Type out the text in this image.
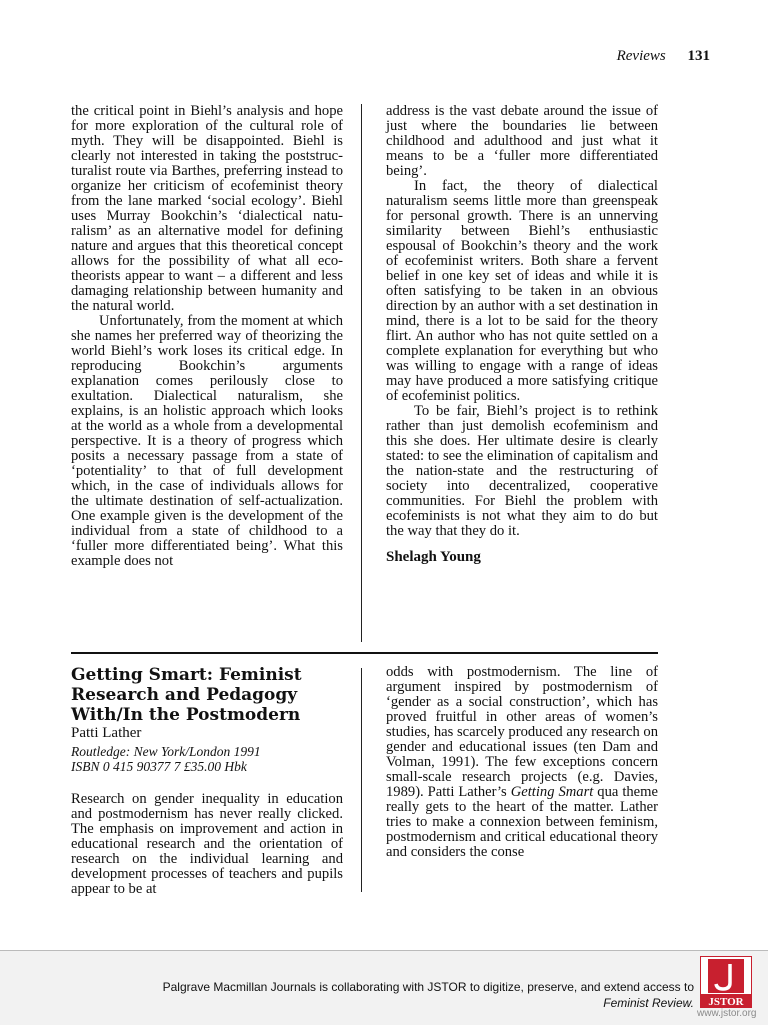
Reviews 131

the critical point in Biehl’s analysis and hope for more exploration of the cultural role of myth. They will be disappointed. Biehl is clearly not interested in taking the poststructuralist route via Barthes, preferring instead to organize her criticism of ecofeminist theory from the lane marked ‘social ecology’. Biehl uses Murray Bookchin’s ‘dialectical naturalism’ as an alternative model for defining nature and argues that this theoretical concept allows for the possibility of what all eco-theorists appear to want – a different and less damaging relationship between humanity and the natural world.

Unfortunately, from the moment at which she names her preferred way of theorizing the world Biehl’s work loses its critical edge. In reproducing Bookchin’s arguments explanation comes perilously close to exultation. Dialectical naturalism, she explains, is an holistic approach which looks at the world as a whole from a developmental perspective. It is a theory of progress which posits a necessary passage from a state of ‘potentiality’ to that of full development which, in the case of individuals allows for the ultimate destination of self-actualization. One example given is the development of the individual from a state of childhood to a ‘fuller more differentiated being’. What this example does not

address is the vast debate around the issue of just where the boundaries lie between childhood and adulthood and just what it means to be a ‘fuller more differentiated being’.

In fact, the theory of dialectical naturalism seems little more than greenspeak for personal growth. There is an unnerving similarity between Biehl’s enthusiastic espousal of Bookchin’s theory and the work of ecofeminist writers. Both share a fervent belief in one key set of ideas and while it is often satisfying to be taken in an obvious direction by an author with a set destination in mind, there is a lot to be said for the theory flirt. An author who has not quite settled on a complete explanation for everything but who was willing to engage with a range of ideas may have produced a more satisfying critique of ecofeminist politics.

To be fair, Biehl’s project is to rethink rather than just demolish ecofeminism and this she does. Her ultimate desire is clearly stated: to see the elimination of capitalism and the nation-state and the restructuring of society into decentralized, cooperative communities. For Biehl the problem with ecofeminists is not what they aim to do but the way that they do it.

Shelagh Young

Getting Smart: Feminist Research and Pedagogy With/In the Postmodern
Patti Lather
Routledge: New York/London 1991
ISBN 0 415 90377 7 £35.00 Hbk

Research on gender inequality in education and postmodernism has never really clicked. The emphasis on improvement and action in educational research and the orientation of research on the individual learning and development processes of teachers and pupils appear to be at

odds with postmodernism. The line of argument inspired by postmodernism of ‘gender as a social construction’, which has proved fruitful in other areas of women’s studies, has scarcely produced any research on gender and educational issues (ten Dam and Volman, 1991). The few exceptions concern small-scale research projects (e.g. Davies, 1989). Patti Lather’s Getting Smart qua theme really gets to the heart of the matter. Lather tries to make a connexion between feminism, postmodernism and critical educational theory and considers the conse

Palgrave Macmillan Journals is collaborating with JSTOR to digitize, preserve, and extend access to
Feminist Review. JSTOR
www.jstor.org
